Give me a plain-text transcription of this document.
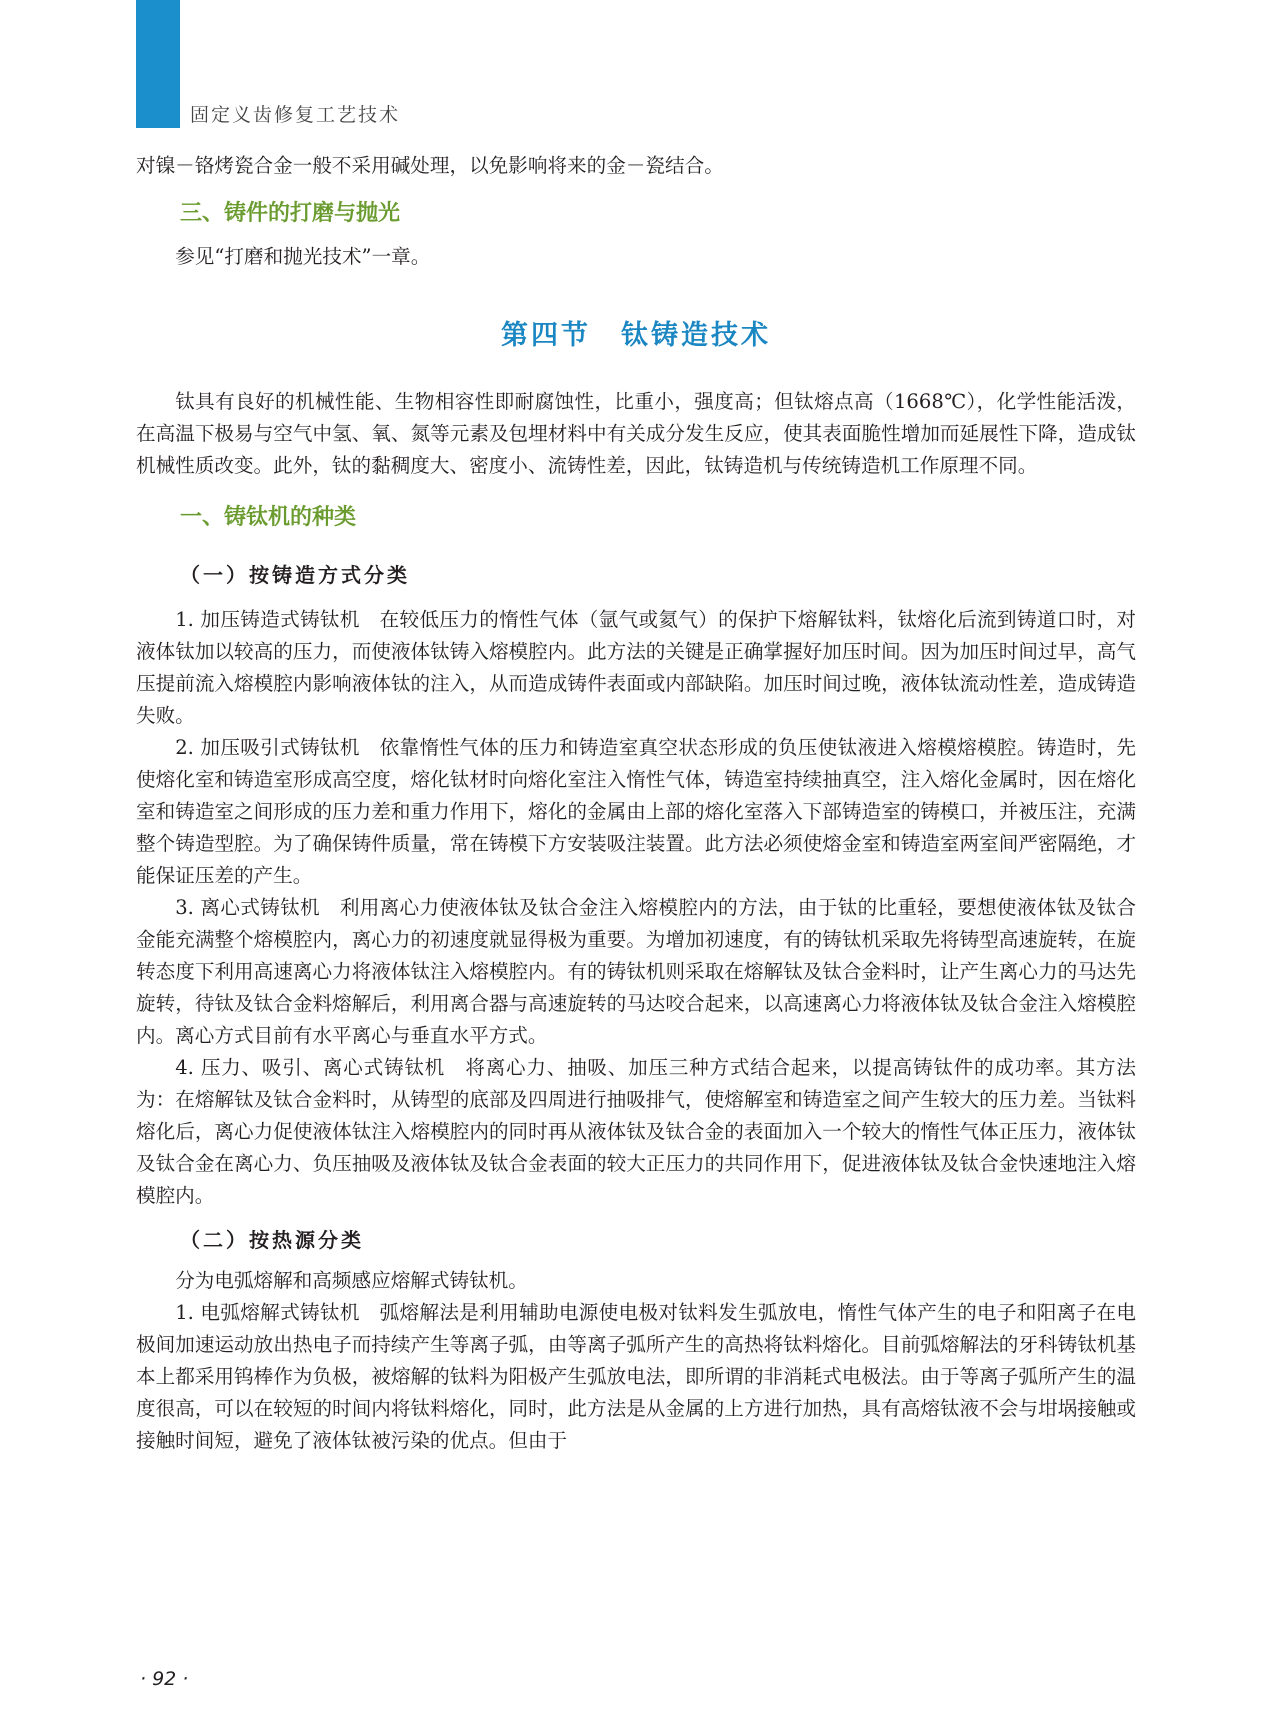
固定义齿修复工艺技术

对镍－铬烤瓷合金一般不采用碱处理，以免影响将来的金－瓷结合。

三、铸件的打磨与抛光

参见“打磨和抛光技术”一章。

第四节　钛铸造技术

钛具有良好的机械性能、生物相容性即耐腐蚀性，比重小，强度高；但钛熔点高（1668℃），化学性能活泼，在高温下极易与空气中氢、氧、氮等元素及包埋材料中有关成分发生反应，使其表面脆性增加而延展性下降，造成钛机械性质改变。此外，钛的黏稠度大、密度小、流铸性差，因此，钛铸造机与传统铸造机工作原理不同。

一、铸钛机的种类
（一）按铸造方式分类

1. 加压铸造式铸钛机　在较低压力的惰性气体（氩气或氦气）的保护下熔解钛料，钛熔化后流到铸道口时，对液体钛加以较高的压力，而使液体钛铸入熔模腔内。此方法的关键是正确掌握好加压时间。因为加压时间过早，高气压提前流入熔模腔内影响液体钛的注入，从而造成铸件表面或内部缺陷。加压时间过晚，液体钛流动性差，造成铸造失败。

2. 加压吸引式铸钛机　依靠惰性气体的压力和铸造室真空状态形成的负压使钛液进入熔模熔模腔。铸造时，先使熔化室和铸造室形成高空度，熔化钛材时向熔化室注入惰性气体，铸造室持续抽真空，注入熔化金属时，因在熔化室和铸造室之间形成的压力差和重力作用下，熔化的金属由上部的熔化室落入下部铸造室的铸模口，并被压注，充满整个铸造型腔。为了确保铸件质量，常在铸模下方安装吸注装置。此方法必须使熔金室和铸造室两室间严密隔绝，才能保证压差的产生。

3. 离心式铸钛机　利用离心力使液体钛及钛合金注入熔模腔内的方法，由于钛的比重轻，要想使液体钛及钛合金能充满整个熔模腔内，离心力的初速度就显得极为重要。为增加初速度，有的铸钛机采取先将铸型高速旋转，在旋转态度下利用高速离心力将液体钛注入熔模腔内。有的铸钛机则采取在熔解钛及钛合金料时，让产生离心力的马达先旋转，待钛及钛合金料熔解后，利用离合器与高速旋转的马达咬合起来，以高速离心力将液体钛及钛合金注入熔模腔内。离心方式目前有水平离心与垂直水平方式。

4. 压力、吸引、离心式铸钛机　将离心力、抽吸、加压三种方式结合起来，以提高铸钛件的成功率。其方法为：在熔解钛及钛合金料时，从铸型的底部及四周进行抽吸排气，使熔解室和铸造室之间产生较大的压力差。当钛料熔化后，离心力促使液体钛注入熔模腔内的同时再从液体钛及钛合金的表面加入一个较大的惰性气体正压力，液体钛及钛合金在离心力、负压抽吸及液体钛及钛合金表面的较大正压力的共同作用下，促进液体钛及钛合金快速地注入熔模腔内。

（二）按热源分类

分为电弧熔解和高频感应熔解式铸钛机。

1. 电弧熔解式铸钛机　弧熔解法是利用辅助电源使电极对钛料发生弧放电，惰性气体产生的电子和阳离子在电极间加速运动放出热电子而持续产生等离子弧，由等离子弧所产生的高热将钛料熔化。目前弧熔解法的牙科铸钛机基本上都采用钨棒作为负极，被熔解的钛料为阳极产生弧放电法，即所谓的非消耗式电极法。由于等离子弧所产生的温度很高，可以在较短的时间内将钛料熔化，同时，此方法是从金属的上方进行加热，具有高熔钛液不会与坩埚接触或接触时间短，避免了液体钛被污染的优点。但由于

· 92 ·
